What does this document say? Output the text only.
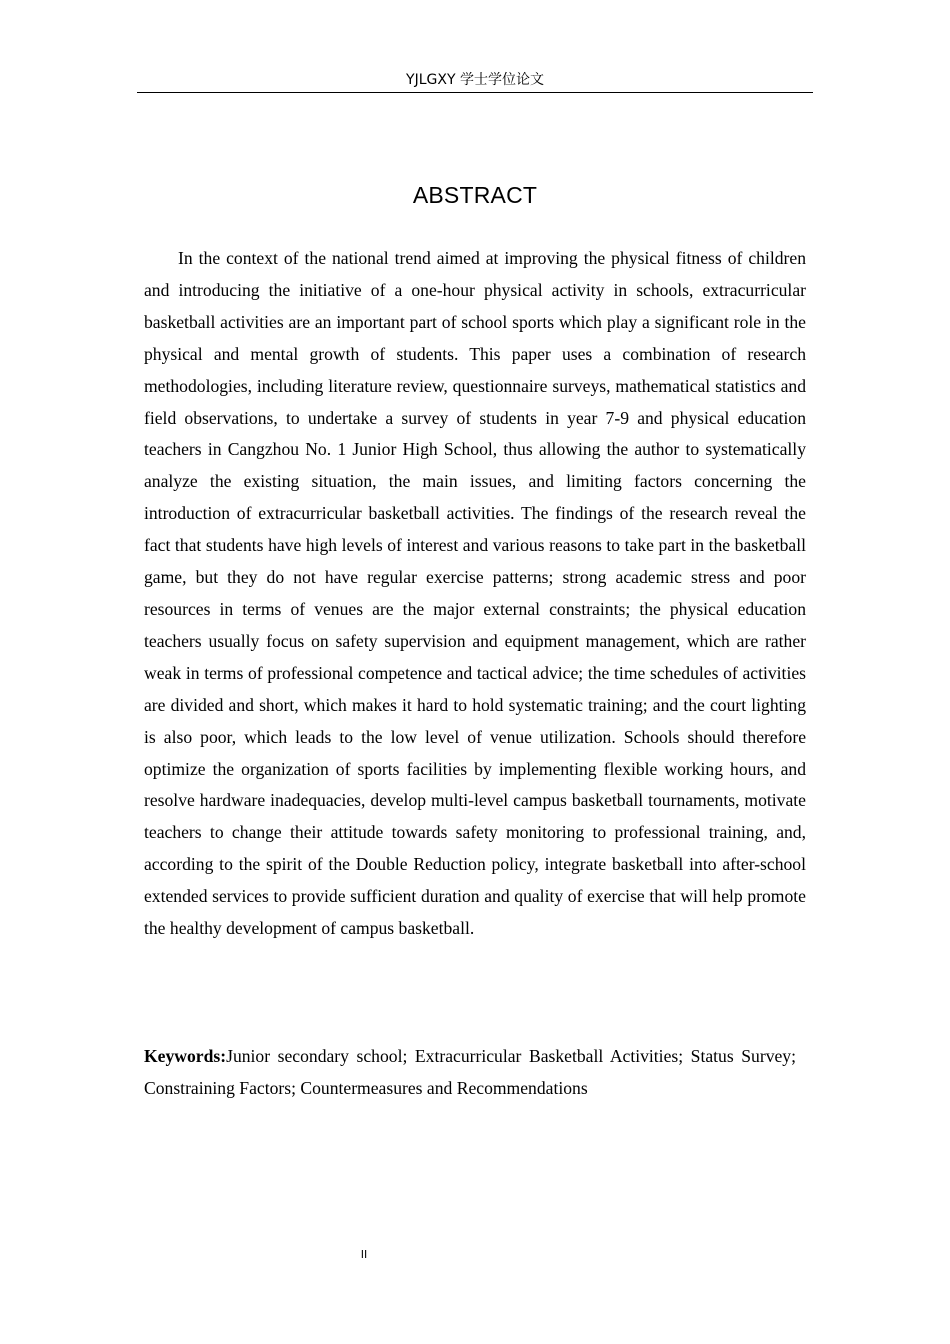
YJLGXY 学士学位论文
ABSTRACT

In the context of the national trend aimed at improving the physical fitness of children and introducing the initiative of a one-hour physical activity in schools, extracurricular basketball activities are an important part of school sports which play a significant role in the physical and mental growth of students. This paper uses a combination of research methodologies, including literature review, questionnaire surveys, mathematical statistics and field observations, to undertake a survey of students in year 7-9 and physical education teachers in Cangzhou No. 1 Junior High School, thus allowing the author to systematically analyze the existing situation, the main issues, and limiting factors concerning the introduction of extracurricular basketball activities. The findings of the research reveal the fact that students have high levels of interest and various reasons to take part in the basketball game, but they do not have regular exercise patterns; strong academic stress and poor resources in terms of venues are the major external constraints; the physical education teachers usually focus on safety supervision and equipment management, which are rather weak in terms of professional competence and tactical advice; the time schedules of activities are divided and short, which makes it hard to hold systematic training; and the court lighting is also poor, which leads to the low level of venue utilization. Schools should therefore optimize the organization of sports facilities by implementing flexible working hours, and resolve hardware inadequacies, develop multi-level campus basketball tournaments, motivate teachers to change their attitude towards safety monitoring to professional training, and, according to the spirit of the Double Reduction policy, integrate basketball into after-school extended services to provide sufficient duration and quality of exercise that will help promote the healthy development of campus basketball.

Keywords:Junior secondary school; Extracurricular Basketball Activities; Status Survey; Constraining Factors; Countermeasures and Recommendations

II
